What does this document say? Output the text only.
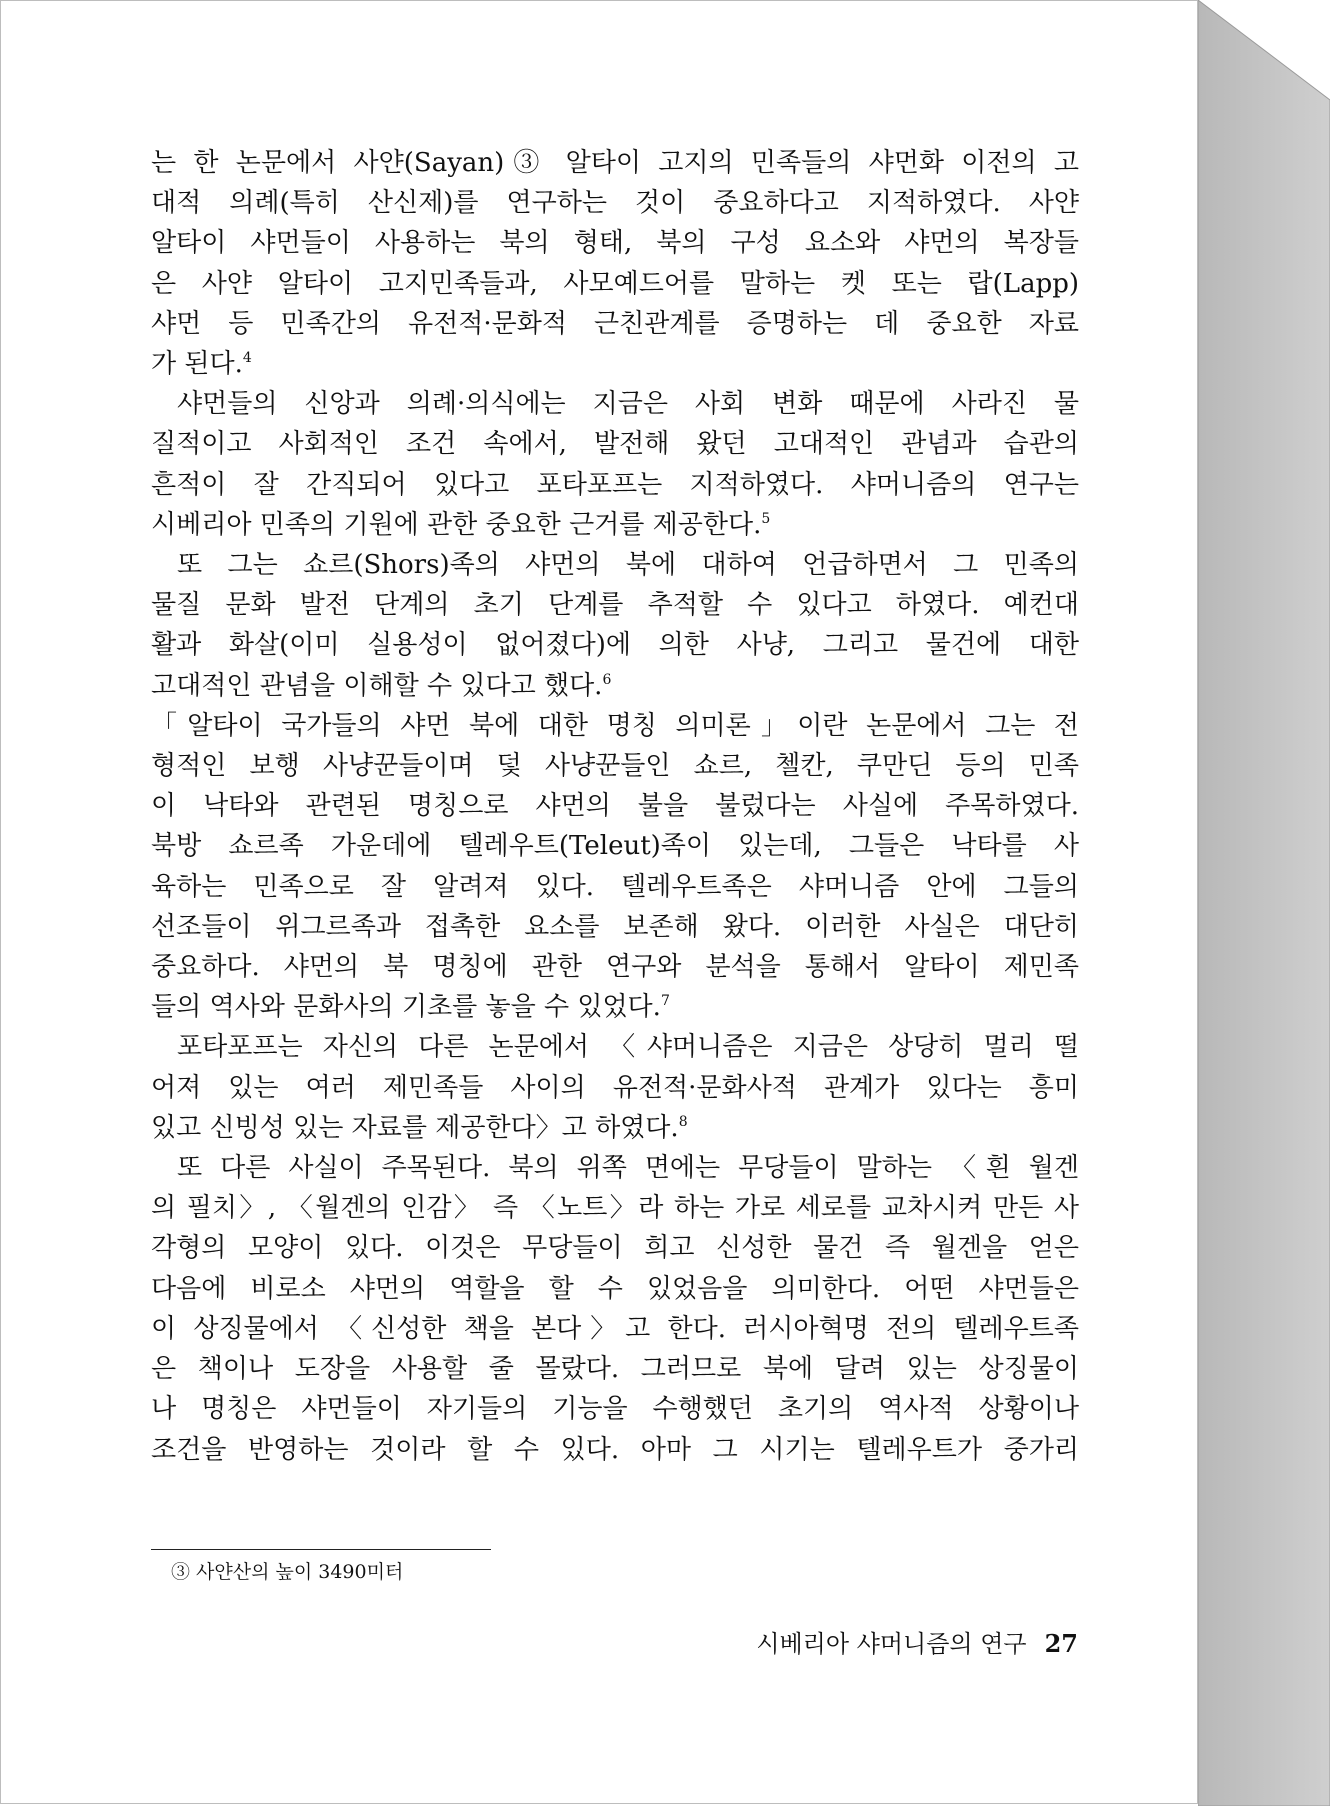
는 한 논문에서 사얀(Sayan)③ 알타이 고지의 민족들의 샤먼화 이전의 고
대적 의례(특히 산신제)를 연구하는 것이 중요하다고 지적하였다. 사얀
알타이 샤먼들이 사용하는 북의 형태, 북의 구성 요소와 샤먼의 복장들
은 사얀 알타이 고지민족들과, 사모예드어를 말하는 켓 또는 랍(Lapp)
샤먼 등 민족간의 유전적·문화적 근친관계를 증명하는 데 중요한 자료
가 된다.$^4$

샤먼들의 신앙과 의례·의식에는 지금은 사회 변화 때문에 사라진 물
질적이고 사회적인 조건 속에서, 발전해 왔던 고대적인 관념과 습관의
흔적이 잘 간직되어 있다고 포타포프는 지적하였다. 샤머니즘의 연구는
시베리아 민족의 기원에 관한 중요한 근거를 제공한다.$^5$

또 그는 쇼르(Shors)족의 샤먼의 북에 대하여 언급하면서 그 민족의
물질 문화 발전 단계의 초기 단계를 추적할 수 있다고 하였다. 예컨대
활과 화살(이미 실용성이 없어졌다)에 의한 사냥, 그리고 물건에 대한
고대적인 관념을 이해할 수 있다고 했다.$^6$

「알타이 국가들의 샤먼 북에 대한 명칭 의미론」이란 논문에서 그는 전
형적인 보행 사냥꾼들이며 덫 사냥꾼들인 쇼르, 첼칸, 쿠만딘 등의 민족
이 낙타와 관련된 명칭으로 샤먼의 불을 불렀다는 사실에 주목하였다.
북방 쇼르족 가운데에 텔레우트(Teleut)족이 있는데, 그들은 낙타를 사
육하는 민족으로 잘 알려져 있다. 텔레우트족은 샤머니즘 안에 그들의
선조들이 위그르족과 접촉한 요소를 보존해 왔다. 이러한 사실은 대단히
중요하다. 샤먼의 북 명칭에 관한 연구와 분석을 통해서 알타이 제민족
들의 역사와 문화사의 기초를 놓을 수 있었다.$^7$

포타포프는 자신의 다른 논문에서 〈샤머니즘은 지금은 상당히 멀리 떨
어져 있는 여러 제민족들 사이의 유전적·문화사적 관계가 있다는 흥미
있고 신빙성 있는 자료를 제공한다〉고 하였다.$^8$

또 다른 사실이 주목된다. 북의 위쪽 면에는 무당들이 말하는 〈흰 월겐
의 필치〉, 〈월겐의 인감〉 즉 〈노트〉라 하는 가로 세로를 교차시켜 만든 사
각형의 모양이 있다. 이것은 무당들이 희고 신성한 물건 즉 월겐을 얻은
다음에 비로소 샤먼의 역할을 할 수 있었음을 의미한다. 어떤 샤먼들은
이 상징물에서 〈신성한 책을 본다〉고 한다. 러시아혁명 전의 텔레우트족
은 책이나 도장을 사용할 줄 몰랐다. 그러므로 북에 달려 있는 상징물이
나 명칭은 샤먼들이 자기들의 기능을 수행했던 초기의 역사적 상황이나
조건을 반영하는 것이라 할 수 있다. 아마 그 시기는 텔레우트가 중가리

③ 사얀산의 높이 3490미터
시베리아 샤머니즘의 연구 27
